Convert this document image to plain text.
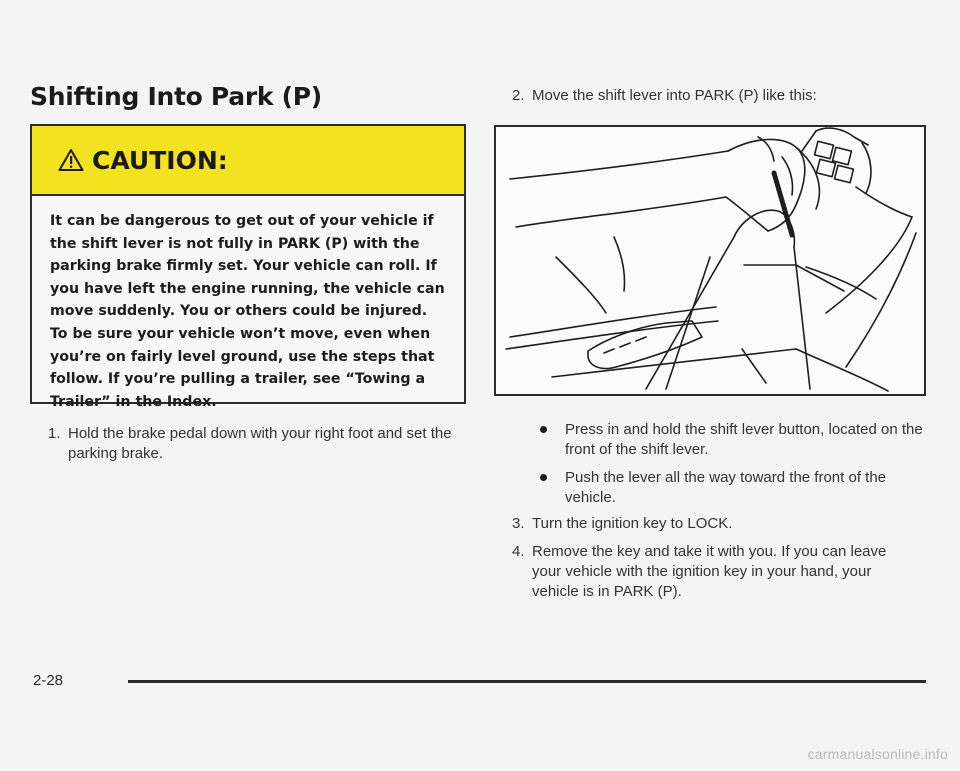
Shifting Into Park (P)
CAUTION:
It can be dangerous to get out of your vehicle if the shift lever is not fully in PARK (P) with the parking brake firmly set. Your vehicle can roll. If you have left the engine running, the vehicle can move suddenly. You or others could be injured. To be sure your vehicle won’t move, even when you’re on fairly level ground, use the steps that follow. If you’re pulling a trailer, see “Towing a Trailer” in the Index.
1. Hold the brake pedal down with your right foot and set the parking brake.
2. Move the shift lever into PARK (P) like this:
Press in and hold the shift lever button, located on the front of the shift lever.
Push the lever all the way toward the front of the vehicle.
3. Turn the ignition key to LOCK.
4. Remove the key and take it with you. If you can leave your vehicle with the ignition key in your hand, your vehicle is in PARK (P).
2-28
carmanualsonline.info
